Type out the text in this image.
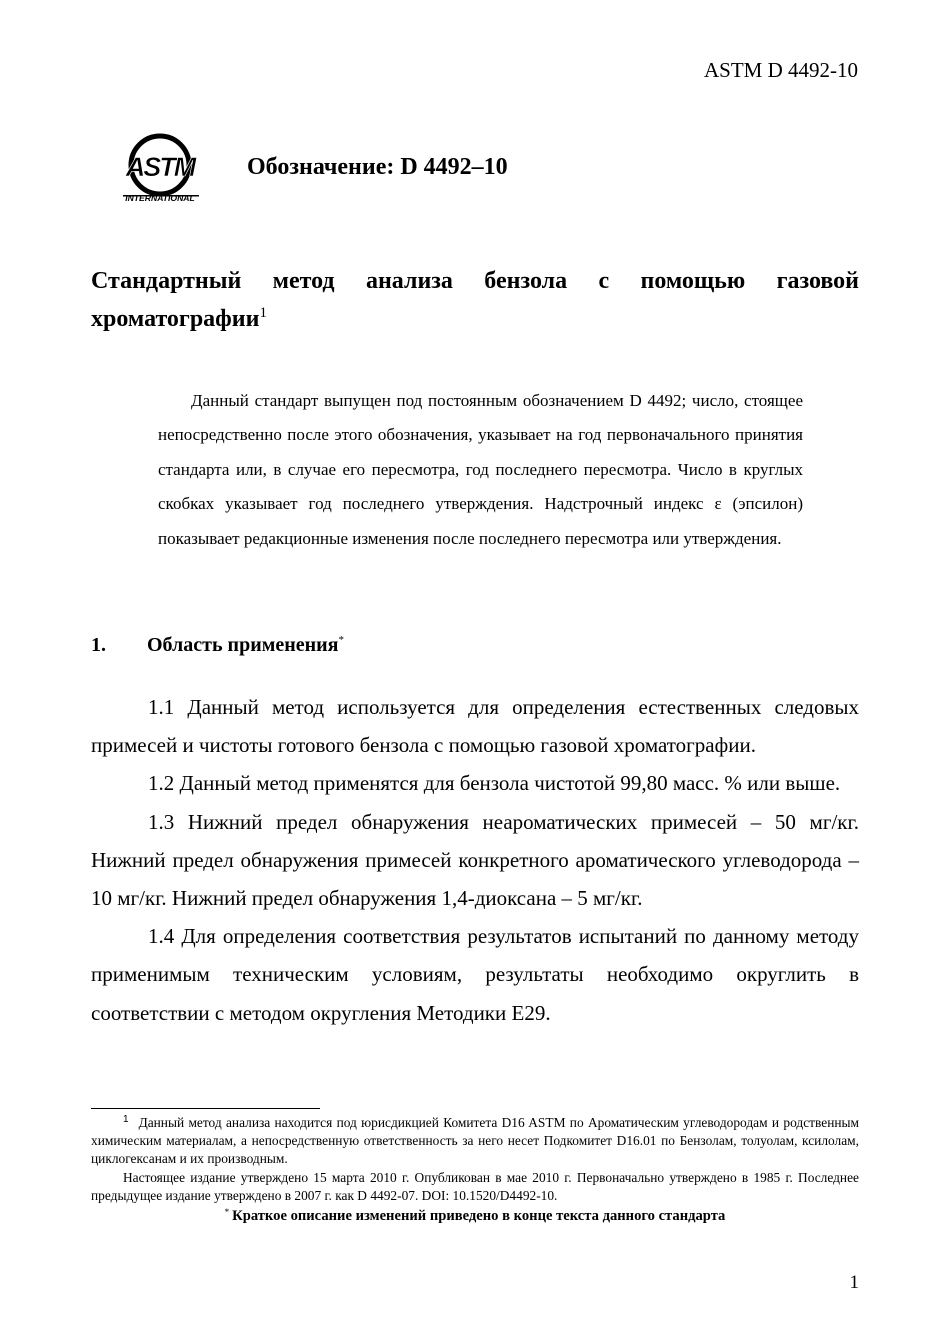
ASTM D 4492-10
ASTM
INTERNATIONAL
Обозначение: D 4492–10
Стандартный метод анализа бензола с помощью газовой
хроматографии$^1$

Данный стандарт выпущен под постоянным обозначением D 4492; число, стоящее непосредственно после этого обозначения, указывает на год первоначального принятия стандарта или, в случае его пересмотра, год последнего пересмотра. Число в круглых скобках указывает год последнего утверждения. Надстрочный индекс ε (эпсилон) показывает редакционные изменения после последнего пересмотра или утверждения.

1. Область применения*

1.1 Данный метод используется для определения естественных следовых примесей и чистоты готового бензола с помощью газовой хроматографии.

1.2 Данный метод применятся для бензола чистотой 99,80 масс. % или выше.

1.3 Нижний предел обнаружения неароматических примесей – 50 мг/кг. Нижний предел обнаружения примесей конкретного ароматического углеводорода – 10 мг/кг. Нижний предел обнаружения 1,4-диоксана – 5 мг/кг.

1.4 Для определения соответствия результатов испытаний по данному методу применимым техническим условиям, результаты необходимо округлить в соответствии с методом округления Методики E29.

$^1$ Данный метод анализа находится под юрисдикцией Комитета D16 ASTM по Ароматическим углеводородам и родственным химическим материалам, а непосредственную ответственность за него несет Подкомитет D16.01 по Бензолам, толуолам, ксилолам, циклогексанам и их производным.

Настоящее издание утверждено 15 марта 2010 г. Опубликован в мае 2010 г. Первоначально утверждено в 1985 г. Последнее предыдущее издание утверждено в 2007 г. как D 4492-07. DOI: 10.1520/D4492-10.

* Краткое описание изменений приведено в конце текста данного стандарта

1
